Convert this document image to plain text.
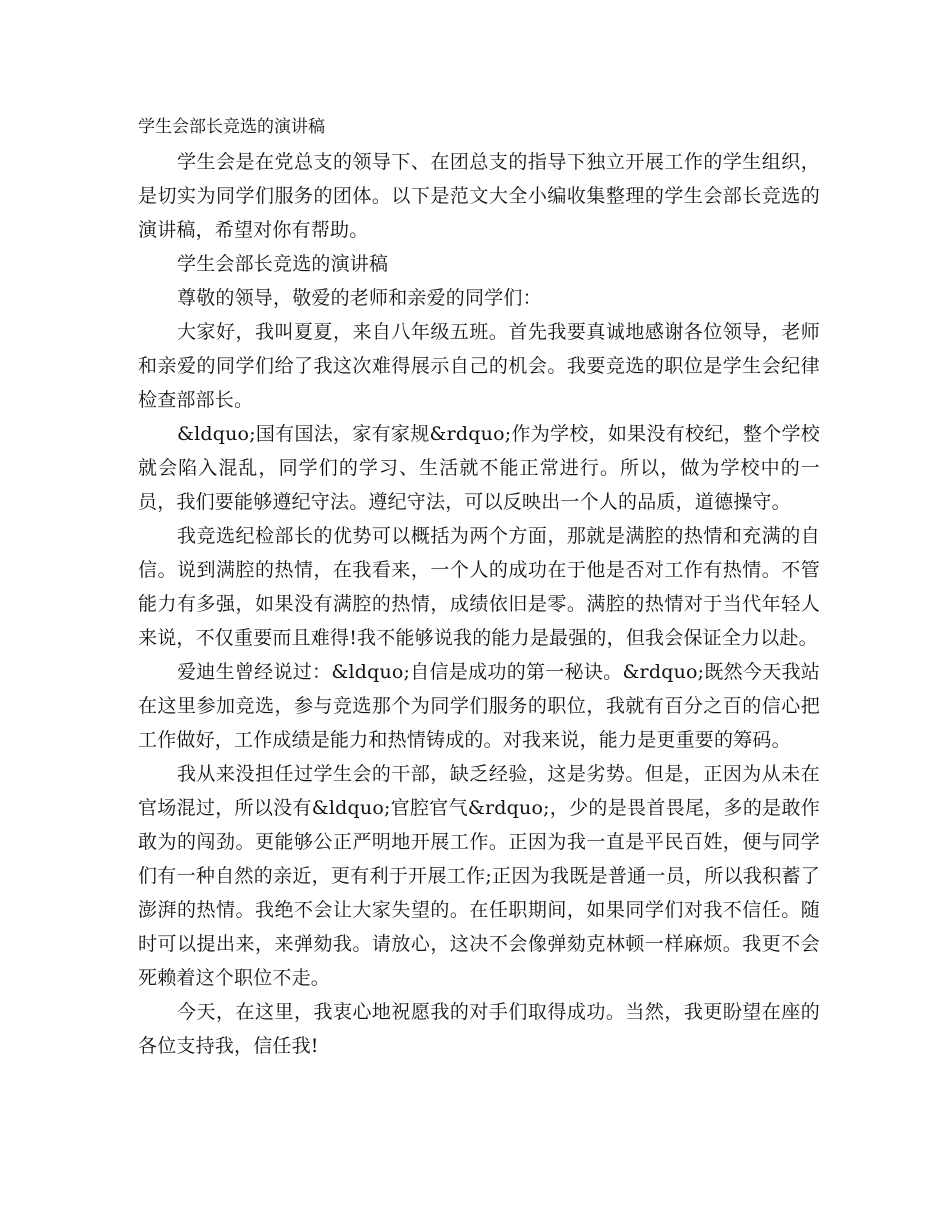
学生会部长竞选的演讲稿

学生会是在党总支的领导下、在团总支的指导下独立开展工作的学生组织，是切实为同学们服务的团体。以下是范文大全小编收集整理的学生会部长竞选的演讲稿，希望对你有帮助。

学生会部长竞选的演讲稿

尊敬的领导，敬爱的老师和亲爱的同学们：

大家好，我叫夏夏，来自八年级五班。首先我要真诚地感谢各位领导，老师和亲爱的同学们给了我这次难得展示自己的机会。我要竞选的职位是学生会纪律检查部部长。

&ldquo;国有国法，家有家规&rdquo;作为学校，如果没有校纪，整个学校就会陷入混乱，同学们的学习、生活就不能正常进行。所以，做为学校中的一员，我们要能够遵纪守法。遵纪守法，可以反映出一个人的品质，道德操守。

我竞选纪检部长的优势可以概括为两个方面，那就是满腔的热情和充满的自信。说到满腔的热情，在我看来，一个人的成功在于他是否对工作有热情。不管能力有多强，如果没有满腔的热情，成绩依旧是零。满腔的热情对于当代年轻人来说，不仅重要而且难得!我不能够说我的能力是最强的，但我会保证全力以赴。

爱迪生曾经说过：&ldquo;自信是成功的第一秘诀。&rdquo;既然今天我站在这里参加竞选，参与竞选那个为同学们服务的职位，我就有百分之百的信心把工作做好，工作成绩是能力和热情铸成的。对我来说，能力是更重要的筹码。

我从来没担任过学生会的干部，缺乏经验，这是劣势。但是，正因为从未在官场混过，所以没有&ldquo;官腔官气&rdquo;，少的是畏首畏尾，多的是敢作敢为的闯劲。更能够公正严明地开展工作。正因为我一直是平民百姓，便与同学们有一种自然的亲近，更有利于开展工作;正因为我既是普通一员，所以我积蓄了澎湃的热情。我绝不会让大家失望的。在任职期间，如果同学们对我不信任。随时可以提出来，来弹劾我。请放心，这决不会像弹劾克林顿一样麻烦。我更不会死赖着这个职位不走。

今天，在这里，我衷心地祝愿我的对手们取得成功。当然，我更盼望在座的各位支持我，信任我!
